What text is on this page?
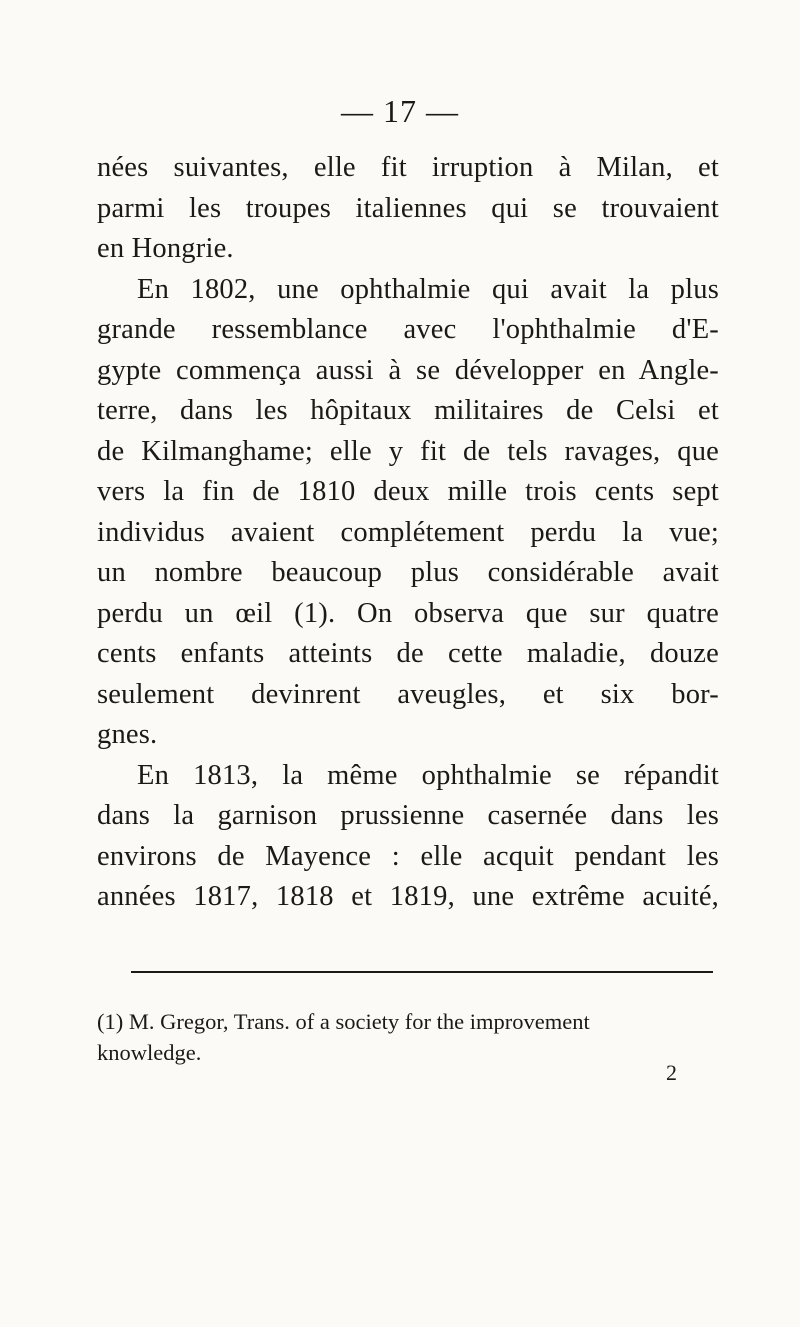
— 17 —
nées suivantes, elle fit irruption à Milan, et
parmi les troupes italiennes qui se trouvaient
en Hongrie.
En 1802, une ophthalmie qui avait la plus
grande ressemblance avec l'ophthalmie d'E-
gypte commença aussi à se développer en Angle-
terre, dans les hôpitaux militaires de Celsi et
de Kilmanghame; elle y fit de tels ravages, que
vers la fin de 1810 deux mille trois cents sept
individus avaient complétement perdu la vue;
un nombre beaucoup plus considérable avait
perdu un œil (1). On observa que sur quatre
cents enfants atteints de cette maladie, douze
seulement devinrent aveugles, et six bor-
gnes.
En 1813, la même ophthalmie se répandit
dans la garnison prussienne casernée dans les
environs de Mayence : elle acquit pendant les
années 1817, 1818 et 1819, une extrême acuité,
(1) M. Gregor, Trans. of a society for the improvement
knowledge.
2
